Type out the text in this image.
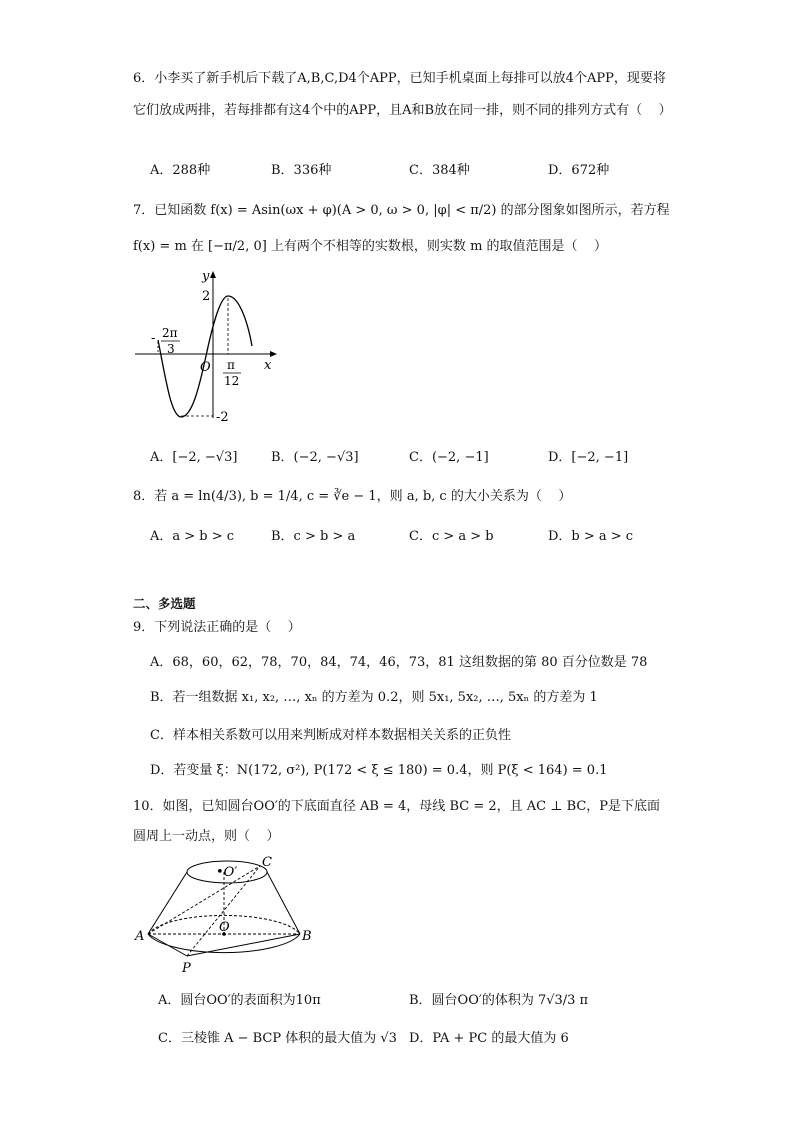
6．小李买了新手机后下载了A,B,C,D4个APP，已知手机桌面上每排可以放4个APP，现要将它们放成两排，若每排都有这4个中的APP，且A和B放在同一排，则不同的排列方式有（    ）
A．288种	B．336种	C．384种	D．672种
7．已知函数 f(x) = Asin(ωx + φ)(A > 0, ω > 0, |φ| < π/2) 的部分图象如图所示，若方程 f(x) = m 在 [−π/2, 0] 上有两个不相等的实数根，则实数 m 的取值范围是（    ）
y
x
O
2
-2
- 2π
3
π
12
A．[−2, −√3]	B．(−2, −√3]	C．(−2, −1]	D．[−2, −1]
8．若 a = ln(4/3), b = 1/4, c = ∛e − 1，则 a, b, c 的大小关系为（    ）
A．a > b > c	B．c > b > a	C．c > a > b	D．b > a > c
二、多选题
9．下列说法正确的是（    ）
A．68，60，62，78，70，84，74，46，73，81 这组数据的第 80 百分位数是 78
B．若一组数据 x₁, x₂, …, xₙ 的方差为 0.2，则 5x₁, 5x₂, …, 5xₙ 的方差为 1
C．样本相关系数可以用来判断成对样本数据相关关系的正负性
D．若变量 ξ：N(172, σ²), P(172 < ξ ≤ 180) = 0.4，则 P(ξ < 164) = 0.1
10．如图，已知圆台OO′的下底面直径 AB = 4，母线 BC = 2，且 AC ⊥ BC，P是下底面圆周上一动点，则（    ）
•O′
C
A	B
O
P
A．圆台OO′的表面积为10π	B．圆台OO′的体积为 7√3/3 π
C．三棱锥 A − BCP 体积的最大值为 √3 D．PA + PC 的最大值为 6
